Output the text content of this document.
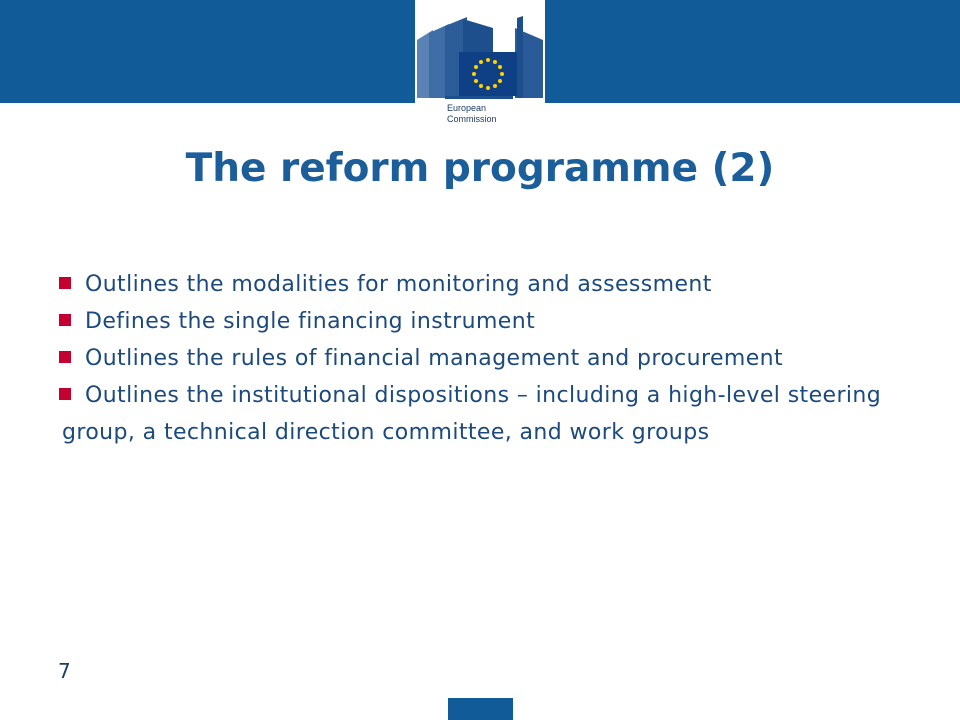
European
Commission
The reform programme (2)
Outlines the modalities for monitoring and assessment
Defines the single financing instrument
Outlines the rules of financial management and procurement
Outlines the institutional dispositions – including a high-level steering group, a technical direction committee, and work groups
7
